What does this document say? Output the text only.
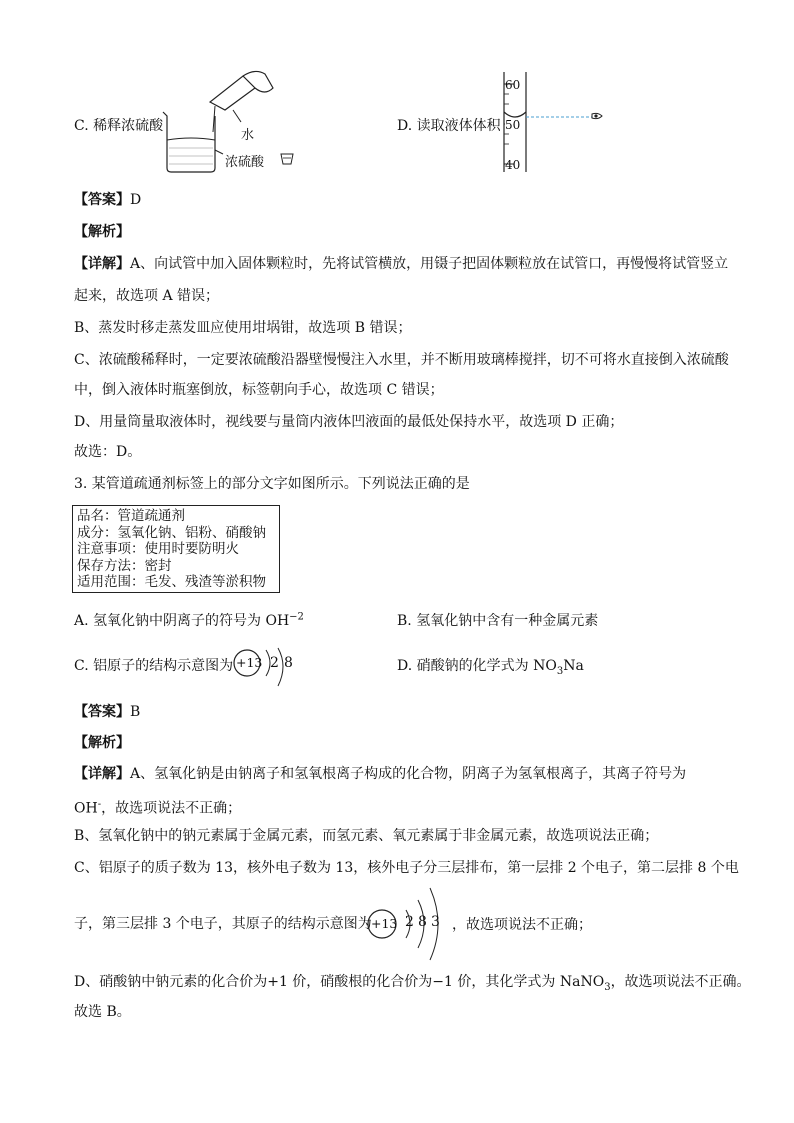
C. 稀释浓硫酸
水
浓硫酸
D. 读取液体体积
60
50
40
【答案】D
【解析】
【详解】A、向试管中加入固体颗粒时，先将试管横放，用镊子把固体颗粒放在试管口，再慢慢将试管竖立
起来，故选项 A 错误；
B、蒸发时移走蒸发皿应使用坩埚钳，故选项 B 错误；
C、浓硫酸稀释时，一定要浓硫酸沿器壁慢慢注入水里，并不断用玻璃棒搅拌，切不可将水直接倒入浓硫酸
中，倒入液体时瓶塞倒放，标签朝向手心，故选项 C 错误；
D、用量筒量取液体时，视线要与量筒内液体凹液面的最低处保持水平，故选项 D 正确；
故选：D。
3. 某管道疏通剂标签上的部分文字如图所示。下列说法正确的是
品名：管道疏通剂
成分：氢氧化钠、铝粉、硝酸钠
注意事项：使用时要防明火
保存方法：密封
适用范围：毛发、残渣等淤积物
A. 氢氧化钠中阴离子的符号为 $OH^{-2}$	B. 氢氧化钠中含有一种金属元素
C. 铝原子的结构示意图为 +13 2 8	D. 硝酸钠的化学式为 $NO_3Na$
【答案】B
【解析】
【详解】A、氢氧化钠是由钠离子和氢氧根离子构成的化合物，阴离子为氢氧根离子，其离子符号为
OH-，故选项说法不正确；
B、氢氧化钠中的钠元素属于金属元素，而氢元素、氧元素属于非金属元素，故选项说法正确；
C、铝原子的质子数为 13，核外电子数为 13，核外电子分三层排布，第一层排 2 个电子，第二层排 8 个电
子，第三层排 3 个电子，其原子的结构示意图为 +13 2 8 3 ，故选项说法不正确；
D、硝酸钠中钠元素的化合价为+1 价，硝酸根的化合价为−1 价，其化学式为 NaNO$_3$，故选项说法不正确。
故选 B。
